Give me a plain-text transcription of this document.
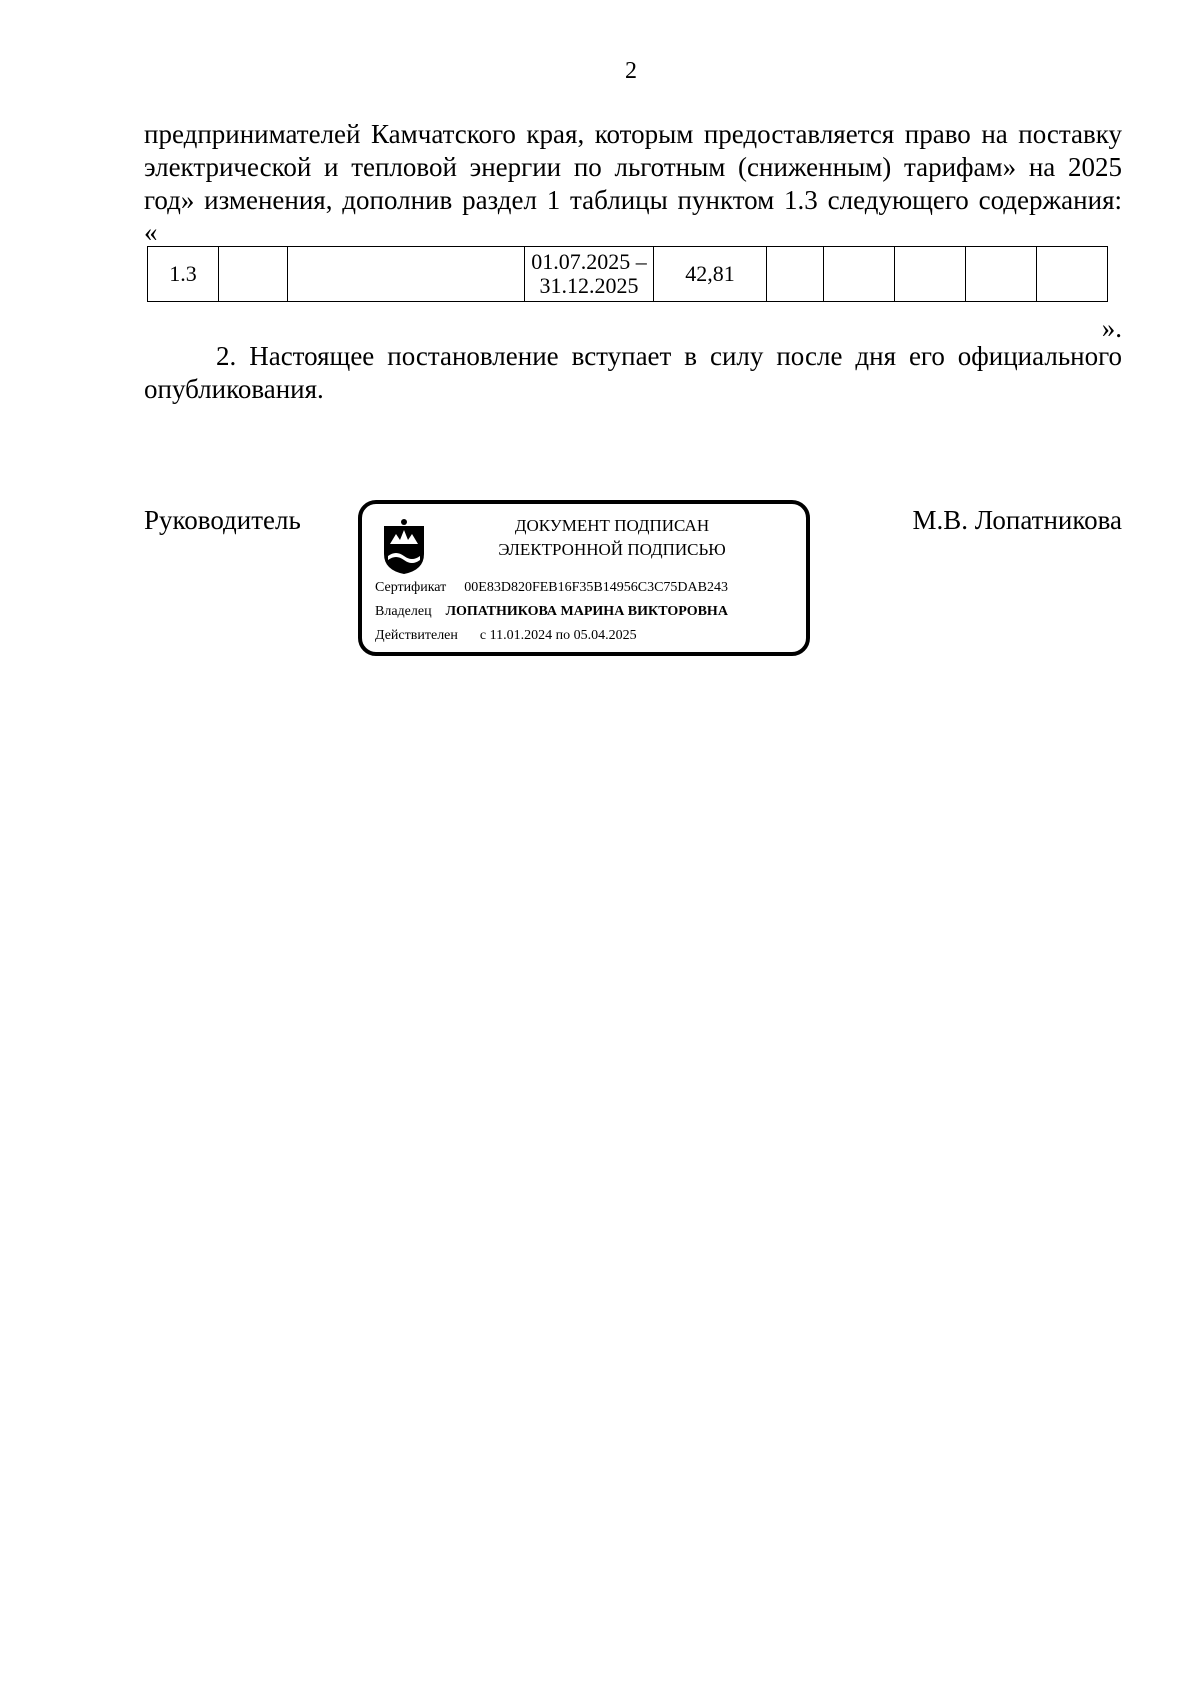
2
предпринимателей Камчатского края, которым предоставляется право на поставку электрической и тепловой энергии по льготным (сниженным) тарифам» на 2025 год» изменения, дополнив раздел 1 таблицы пунктом 1.3 следующего содержания:
«
1.3			01.07.2025 – 31.12.2025	42,81					
».
2. Настоящее постановление вступает в силу после дня его официального опубликования.
Руководитель	М.В. Лопатникова
ДОКУМЕНТ ПОДПИСАН
ЭЛЕКТРОННОЙ ПОДПИСЬЮ
Сертификат 00E83D820FEB16F35B14956C3C75DAB243
Владелец ЛОПАТНИКОВА МАРИНА ВИКТОРОВНА
Действителен с 11.01.2024 по 05.04.2025
